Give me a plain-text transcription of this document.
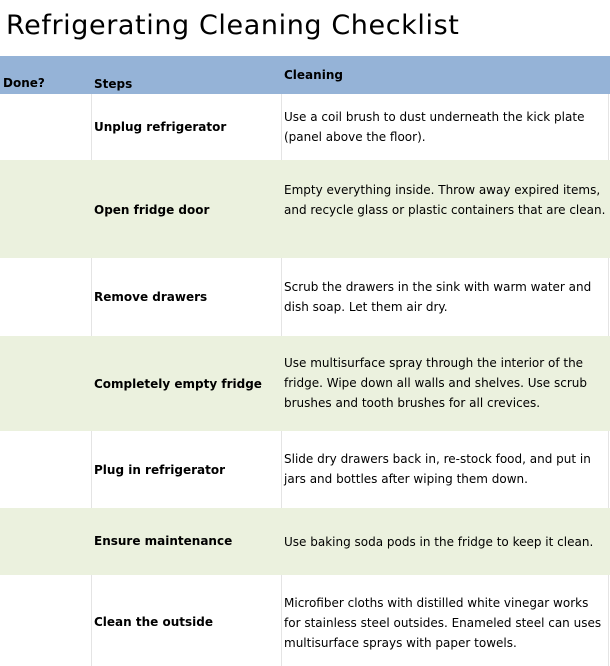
Refrigerating Cleaning Checklist
Done?	Steps
Cleaning
Unplug refrigerator
Use a coil brush to dust underneath the kick plate (panel above the floor).
Open fridge door
Empty everything inside. Throw away expired items, and recycle glass or plastic containers that are clean.
Remove drawers
Scrub the drawers in the sink with warm water and dish soap. Let them air dry.
Completely empty fridge
Use multisurface spray through the interior of the fridge. Wipe down all walls and shelves. Use scrub brushes and tooth brushes for all crevices.
Plug in refrigerator
Slide dry drawers back in, re-stock food, and put in jars and bottles after wiping them down.
Ensure maintenance	Use baking soda pods in the fridge to keep it clean.
Clean the outside
Microfiber cloths with distilled white vinegar works for stainless steel outsides. Enameled steel can uses multisurface sprays with paper towels.
